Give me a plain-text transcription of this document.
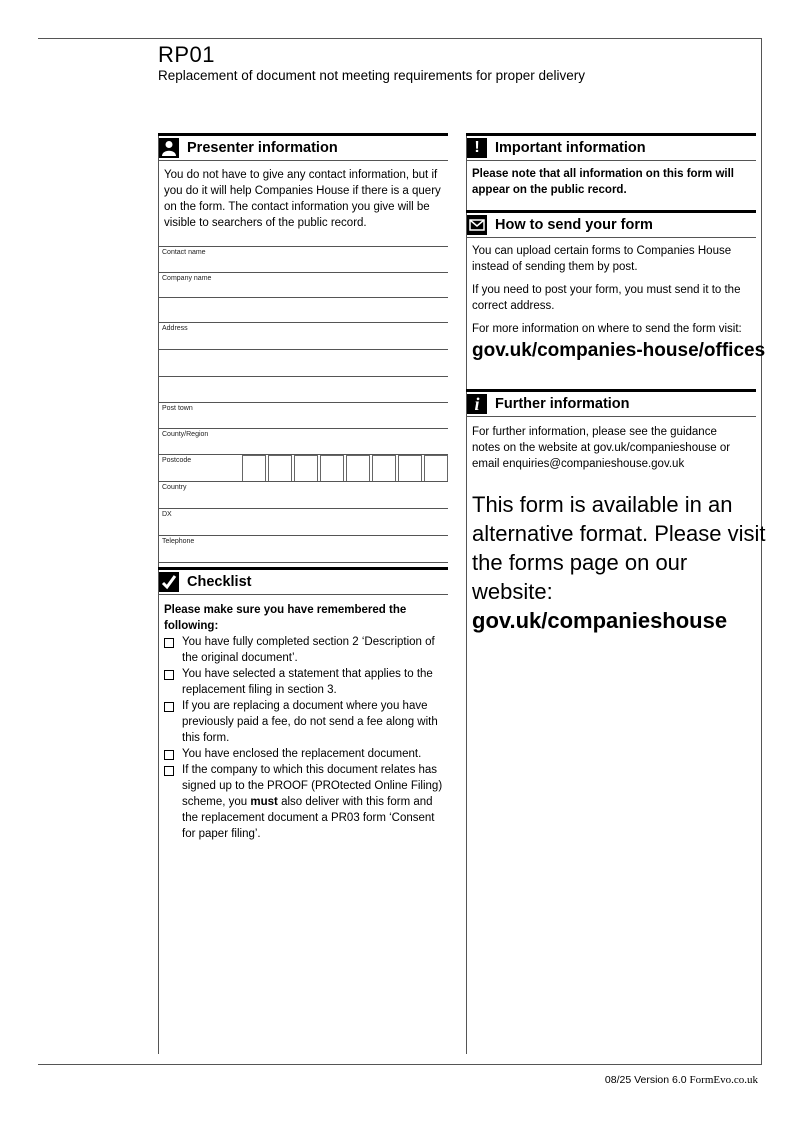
RP01
Replacement of document not meeting requirements for proper delivery
Presenter information
You do not have to give any contact information, but if you do it will help Companies House if there is a query on the form. The contact information you give will be visible to searchers of the public record.
Contact name
Company name
Address
Post town
County/Region
Postcode
Country
DX
Telephone
Checklist
Please make sure you have remembered the following:
You have fully completed section 2 ‘Description of the original document’.
You have selected a statement that applies to the replacement filing in section 3.
If you are replacing a document where you have previously paid a fee, do not send a fee along with this form.
You have enclosed the replacement document.
If the company to which this document relates has signed up to the PROOF (PROtected Online Filing) scheme, you must also deliver with this form and the replacement document a PR03 form ‘Consent for paper filing’.
!	Important information
Please note that all information on this form will appear on the public record.
How to send your form
You can upload certain forms to Companies House instead of sending them by post.
If you need to post your form, you must send it to the correct address.
For more information on where to send the form visit:
gov.uk/companies-house/offices
i	Further information
For further information, please see the guidance notes on the website at gov.uk/companieshouse or email enquiries@companieshouse.gov.uk
This form is available in an alternative format. Please visit the forms page on our website:
gov.uk/companieshouse
08/25 Version 6.0 FormEvo.co.uk
